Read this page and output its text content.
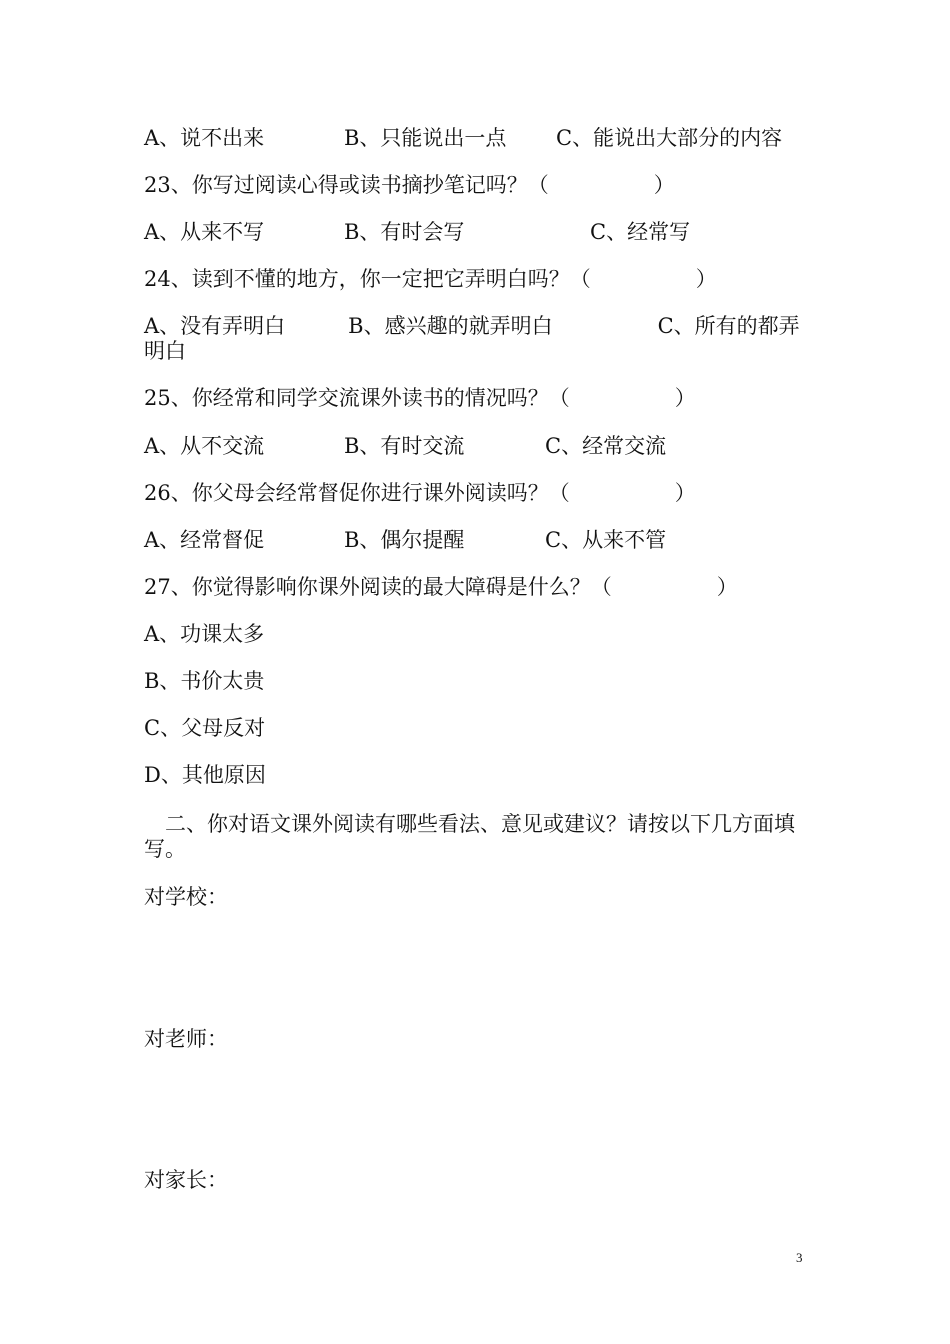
A、说不出来	B、只能说出一点 C、能说出大部分的内容
23、你写过阅读心得或读书摘抄笔记吗？（　　　　　）
A、从来不写	B、有时会写	C、经常写
24、读到不懂的地方，你一定把它弄明白吗？（　　　　　）
A、没有弄明白　　　B、感兴趣的就弄明白　　　　　C、所有的都弄明白
25、你经常和同学交流课外读书的情况吗？（　　　　　）
A、从不交流	B、有时交流	C、经常交流
26、你父母会经常督促你进行课外阅读吗？（　　　　　）
A、经常督促	B、偶尔提醒	C、从来不管
27、你觉得影响你课外阅读的最大障碍是什么？（　　　　　）
A、功课太多
B、书价太贵
C、父母反对
D、其他原因
　二、你对语文课外阅读有哪些看法、意见或建议？请按以下几方面填写。
对学校：
对老师：
对家长：
3
